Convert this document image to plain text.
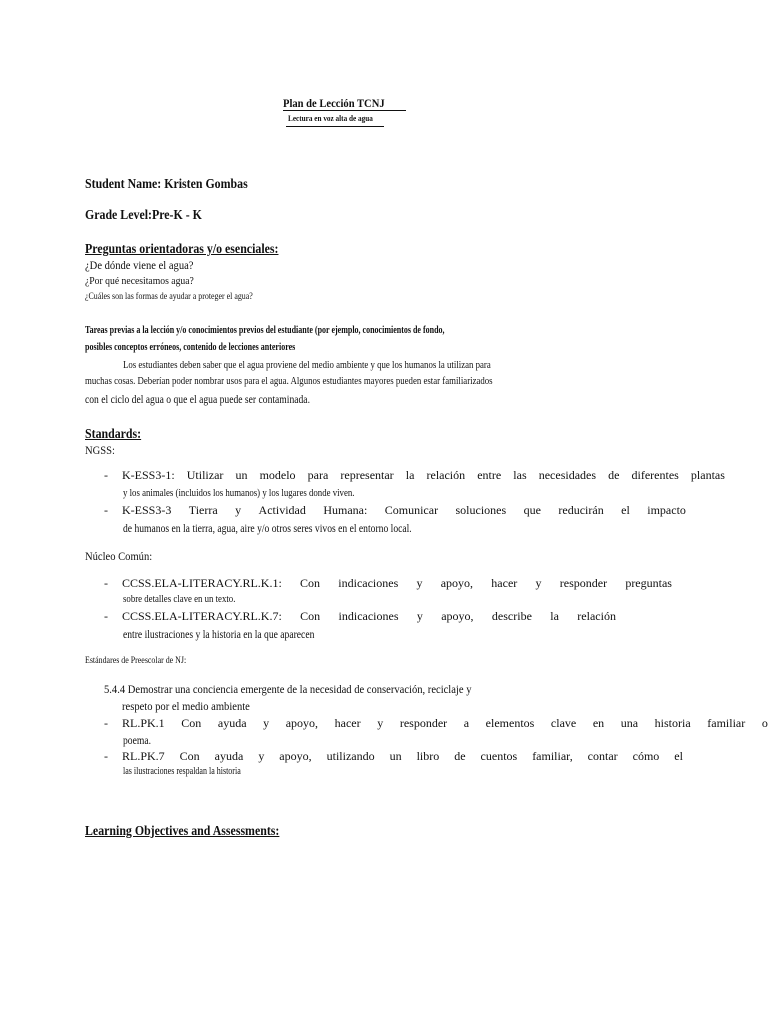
Plan de Lección TCNJ
Lectura en voz alta de agua
Student Name: Kristen Gombas
Grade Level:Pre-K - K
Preguntas orientadoras y/o esenciales:
¿De dónde viene el agua?
¿Por qué necesitamos agua?
¿Cuáles son las formas de ayudar a proteger el agua?
Tareas previas a la lección y/o conocimientos previos del estudiante (por ejemplo, conocimientos de fondo,
posibles conceptos erróneos, contenido de lecciones anteriores
Los estudiantes deben saber que el agua proviene del medio ambiente y que los humanos la utilizan para
muchas cosas. Deberían poder nombrar usos para el agua. Algunos estudiantes mayores pueden estar familiarizados
con el ciclo del agua o que el agua puede ser contaminada.
Standards:
NGSS:
- K-ESS3-1: Utilizar un modelo para representar la relación entre las necesidades de diferentes plantas
y los animales (incluidos los humanos) y los lugares donde viven.
- K-ESS3-3 Tierra y Actividad Humana: Comunicar soluciones que reducirán el impacto
de humanos en la tierra, agua, aire y/o otros seres vivos en el entorno local.
Núcleo Común:
- CCSS.ELA-LITERACY.RL.K.1: Con indicaciones y apoyo, hacer y responder preguntas
sobre detalles clave en un texto.
- CCSS.ELA-LITERACY.RL.K.7: Con indicaciones y apoyo, describe la relación
entre ilustraciones y la historia en la que aparecen
Estándares de Preescolar de NJ:
5.4.4 Demostrar una conciencia emergente de la necesidad de conservación, reciclaje y
respeto por el medio ambiente
- RL.PK.1 Con ayuda y apoyo, hacer y responder a elementos clave en una historia familiar o
poema.
- RL.PK.7 Con ayuda y apoyo, utilizando un libro de cuentos familiar, contar cómo el
las ilustraciones respaldan la historia
Learning Objectives and Assessments:
